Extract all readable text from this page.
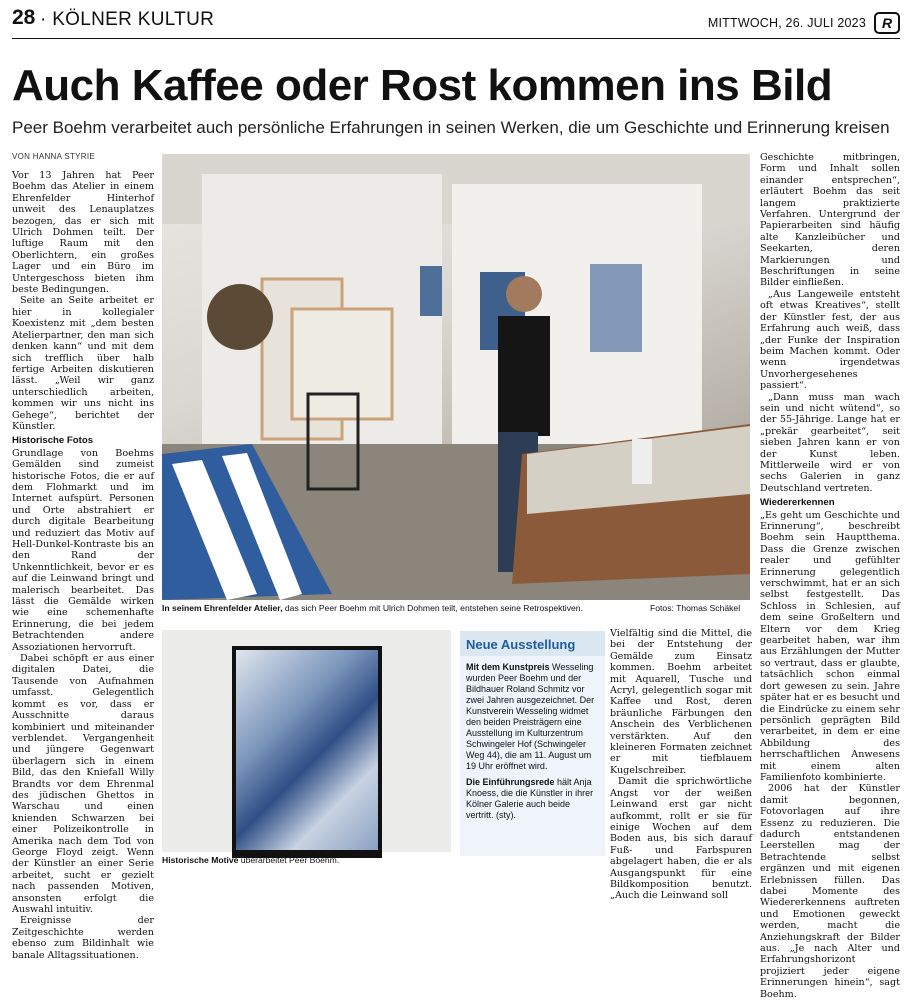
28 · KÖLNER KULTUR	MITTWOCH, 26. JULI 2023	R
Auch Kaffee oder Rost kommen ins Bild
Peer Boehm verarbeitet auch persönliche Erfahrungen in seinen Werken, die um Geschichte und Erinnerung kreisen
VON HANNA STYRIE

Vor 13 Jahren hat Peer Boehm das Atelier in einem Ehrenfelder Hinterhof unweit des Lenauplatzes bezogen, das er sich mit Ulrich Dohmen teilt. Der luftige Raum mit den Oberlichtern, ein großes Lager und ein Büro im Untergeschoss bieten ihm beste Bedingungen.

Seite an Seite arbeitet er hier in kollegialer Koexistenz mit „dem besten Atelierpartner, den man sich denken kann“ und mit dem sich trefflich über halb fertige Arbeiten diskutieren lässt. „Weil wir ganz unterschiedlich arbeiten, kommen wir uns nicht ins Gehege“, berichtet der Künstler.

Historische Fotos

Grundlage von Boehms Gemälden sind zumeist historische Fotos, die er auf dem Flohmarkt und im Internet aufspürt. Personen und Orte abstrahiert er durch digitale Bearbeitung und reduziert das Motiv auf Hell-Dunkel-Kontraste bis an den Rand der Unkenntlichkeit, bevor er es auf die Leinwand bringt und malerisch bearbeitet. Das lässt die Gemälde wirken wie eine schemenhafte Erinnerung, die bei jedem Betrachtenden andere Assoziationen hervorruft.

Dabei schöpft er aus einer digitalen Datei, die Tausende von Aufnahmen umfasst. Gelegentlich kommt es vor, dass er Ausschnitte daraus kombiniert und miteinander verblendet. Vergangenheit und jüngere Gegenwart überlagern sich in einem Bild, das den Kniefall Willy Brandts vor dem Ehrenmal des jüdischen Ghettos in Warschau und einen knienden Schwarzen bei einer Polizeikontrolle in Amerika nach dem Tod von George Floyd zeigt. Wenn der Künstler an einer Serie arbeitet, sucht er gezielt nach passenden Motiven, ansonsten erfolgt die Auswahl intuitiv.

Ereignisse der Zeitgeschichte werden ebenso zum Bildinhalt wie banale Alltagssituationen.

In seinem Ehrenfelder Atelier, das sich Peer Boehm mit Ulrich Dohmen teilt, entstehen seine Retrospektiven.	Fotos: Thomas Schäkel
Historische Motive überarbeitet Peer Boehm.
Neue Ausstellung

Mit dem Kunstpreis Wesseling wurden Peer Boehm und der Bildhauer Roland Schmitz vor zwei Jahren ausgezeichnet. Der Kunstverein Wesseling widmet den beiden Preisträgern eine Ausstellung im Kulturzentrum Schwingeler Hof (Schwingeler Weg 44), die am 11. August um 19 Uhr eröffnet wird.

Die Einführungsrede hält Anja Knoess, die die Künstler in ihrer Kölner Galerie auch beide vertritt. (sty).

Vielfältig sind die Mittel, die bei der Entstehung der Gemälde zum Einsatz kommen. Boehm arbeitet mit Aquarell, Tusche und Acryl, gelegentlich sogar mit Kaffee und Rost, deren bräunliche Färbungen den Anschein des Verblichenen verstärkten. Auf den kleineren Formaten zeichnet er mit tiefblauem Kugelschreiber.

Damit die sprichwörtliche Angst vor der weißen Leinwand erst gar nicht aufkommt, rollt er sie für einige Wochen auf dem Boden aus, bis sich darauf Fuß- und Farbspuren abgelagert haben, die er als Ausgangspunkt für eine Bildkomposition benutzt. „Auch die Leinwand soll

Geschichte mitbringen, Form und Inhalt sollen einander entsprechen“, erläutert Boehm das seit langem praktizierte Verfahren. Untergrund der Papierarbeiten sind häufig alte Kanzleibücher und Seekarten, deren Markierungen und Beschriftungen in seine Bilder einfließen.

„Aus Langeweile entsteht oft etwas Kreatives“, stellt der Künstler fest, der aus Erfahrung auch weiß, dass „der Funke der Inspiration beim Machen kommt. Oder wenn irgendetwas Unvorhergesehenes passiert“.

„Dann muss man wach sein und nicht wütend“, so der 55-Jährige. Lange hat er „prekär gearbeitet“, seit sieben Jahren kann er von der Kunst leben. Mittlerweile wird er von sechs Galerien in ganz Deutschland vertreten.

Wiedererkennen

„Es geht um Geschichte und Erinnerung“, beschreibt Boehm sein Hauptthema. Dass die Grenze zwischen realer und gefühlter Erinnerung gelegentlich verschwimmt, hat er an sich selbst festgestellt. Das Schloss in Schlesien, auf dem seine Großeltern und Eltern vor dem Krieg gearbeitet haben, war ihm aus Erzählungen der Mutter so vertraut, dass er glaubte, tatsächlich schon einmal dort gewesen zu sein. Jahre später hat er es besucht und die Eindrücke zu einem sehr persönlich geprägten Bild verarbeitet, in dem er eine Abbildung des herrschaftlichen Anwesens mit einem alten Familienfoto kombinierte.

2006 hat der Künstler damit begonnen, Fotovorlagen auf ihre Essenz zu reduzieren. Die dadurch entstandenen Leerstellen mag der Betrachtende selbst ergänzen und mit eigenen Erlebnissen füllen. Das dabei Momente des Wiedererkennens auftreten und Emotionen geweckt werden, macht die Anziehungskraft der Bilder aus. „Je nach Alter und Erfahrungshorizont projiziert jeder eigene Erinnerungen hinein“, sagt Boehm.
